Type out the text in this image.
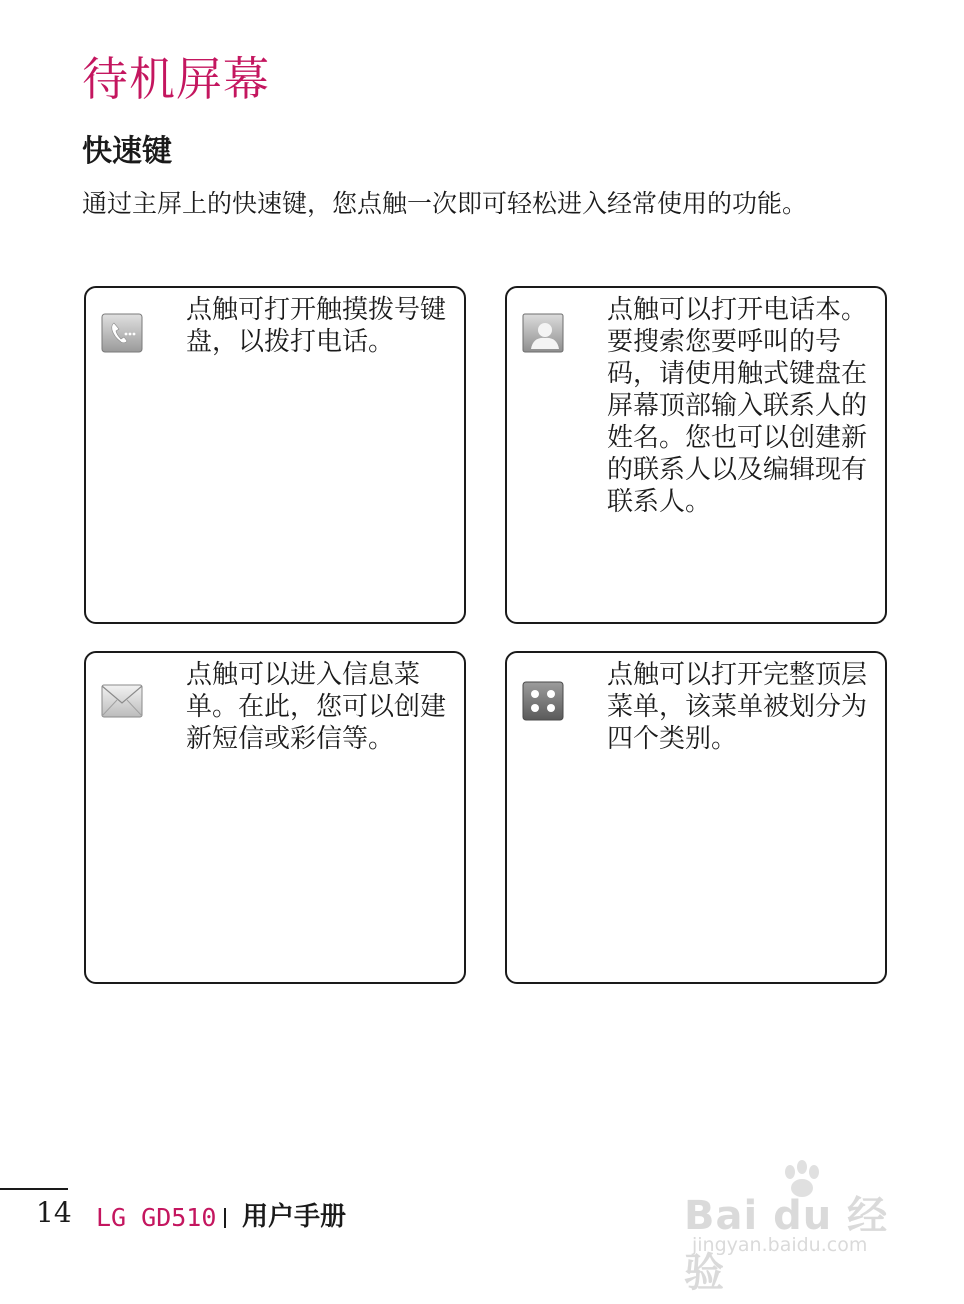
待机屏幕
快速键
通过主屏上的快速键，您点触一次即可轻松进入经常使用的功能。
点触可打开触摸拨号键盘，以拨打电话。
点触可以打开电话本。要搜索您要呼叫的号码，请使用触式键盘在屏幕顶部输入联系人的姓名。您也可以创建新的联系人以及编辑现有联系人。
点触可以进入信息菜单。在此，您可以创建新短信或彩信等。
点触可以打开完整顶层菜单，该菜单被划分为四个类别。
14 LG GD510 用户手册	Bai du 经验
jingyan.baidu.com
